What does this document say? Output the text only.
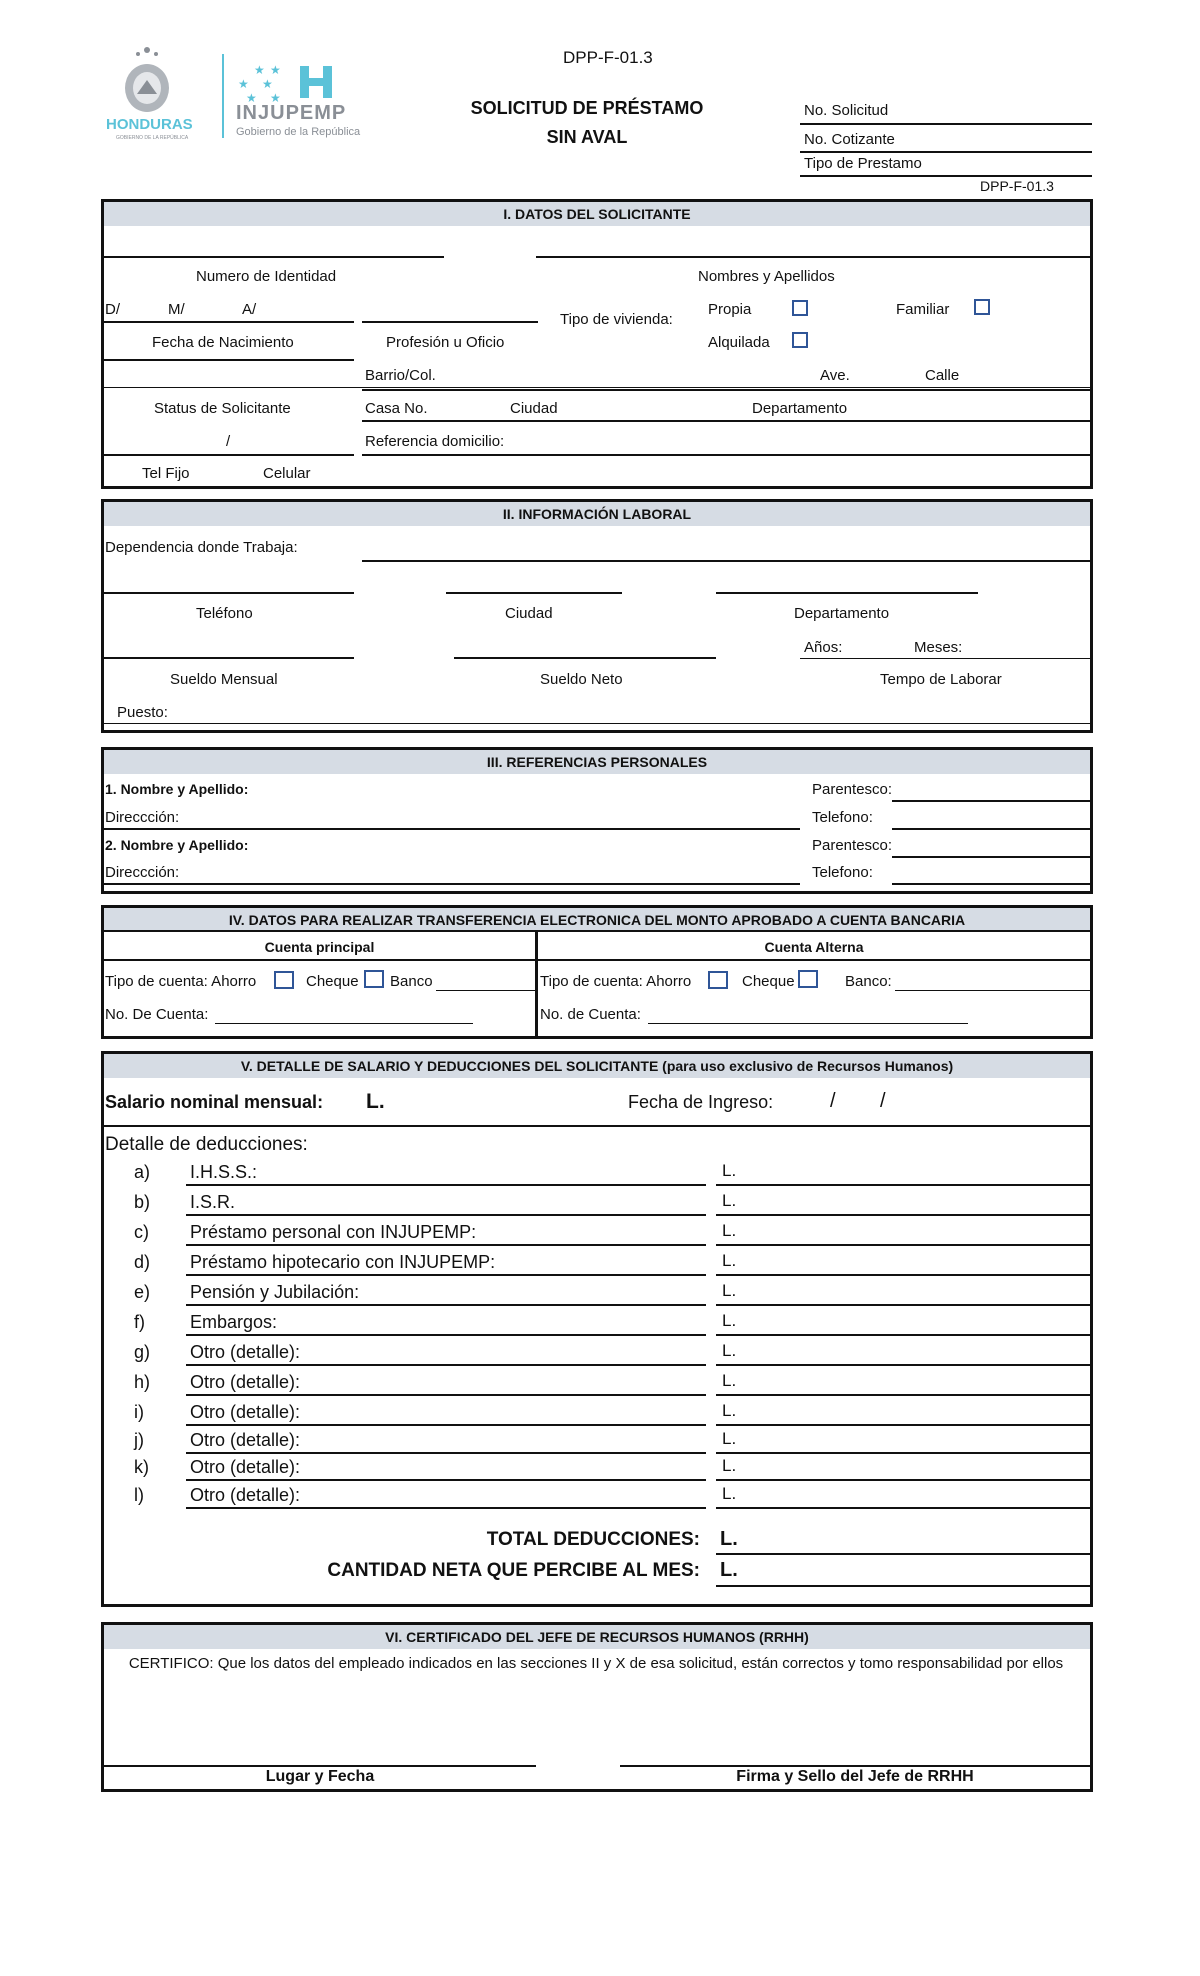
HONDURAS
GOBIERNO DE LA REPÚBLICA
★ ★
★ ★
★ ★
INJUPEMP
Gobierno de la República
DPP-F-01.3
SOLICITUD DE PRÉSTAMO
SIN AVAL
No. Solicitud
No. Cotizante
Tipo de Prestamo
DPP-F-01.3
I. DATOS DEL SOLICITANTE
Numero de Identidad	Nombres y Apellidos
D/	M/	A/
Tipo de vivienda:
Propia	Familiar
Fecha de Nacimiento	Profesión u Oficio	Alquilada
Barrio/Col.	Ave.	Calle
Status de Solicitante	Casa No.	Ciudad	Departamento
/	Referencia domicilio:
Tel Fijo	Celular
II. INFORMACIÓN LABORAL
Dependencia donde Trabaja:
Teléfono	Ciudad	Departamento
Años:	Meses:
Sueldo Mensual	Sueldo Neto	Tempo de Laborar
Puesto:
III. REFERENCIAS PERSONALES
1. Nombre y Apellido:	Parentesco:
Direccción:	Telefono:
2. Nombre y Apellido:	Parentesco:
Direccción:	Telefono:
IV. DATOS PARA REALIZAR TRANSFERENCIA ELECTRONICA DEL MONTO APROBADO A CUENTA BANCARIA
Cuenta principal	Cuenta Alterna
Tipo de cuenta: Ahorro	Cheque Banco	Tipo de cuenta: Ahorro	Cheque	Banco:
No. De Cuenta:	No. de Cuenta:
V. DETALLE DE SALARIO Y DEDUCCIONES DEL SOLICITANTE (para uso exclusivo de Recursos Humanos)
Salario nominal mensual: L.	Fecha de Ingreso:	/ /
Detalle de deducciones:
a) I.H.S.S.:	L.
b) I.S.R.	L.
c) Préstamo personal con INJUPEMP:	L.
d) Préstamo hipotecario con INJUPEMP:	L.
e) Pensión y Jubilación:	L.
f)	Embargos:	L.
g) Otro (detalle):	L.
h) Otro (detalle):	L.
i)	Otro (detalle):	L.
j)	Otro (detalle):	L.
k) Otro (detalle):	L.
l)	Otro (detalle):	L.
TOTAL DEDUCCIONES: L.
CANTIDAD NETA QUE PERCIBE AL MES: L.
VI. CERTIFICADO DEL JEFE DE RECURSOS HUMANOS (RRHH)
CERTIFICO: Que los datos del empleado indicados en las secciones II y X de esa solicitud, están correctos y tomo responsabilidad por ellos
Lugar y Fecha	Firma y Sello del Jefe de RRHH
